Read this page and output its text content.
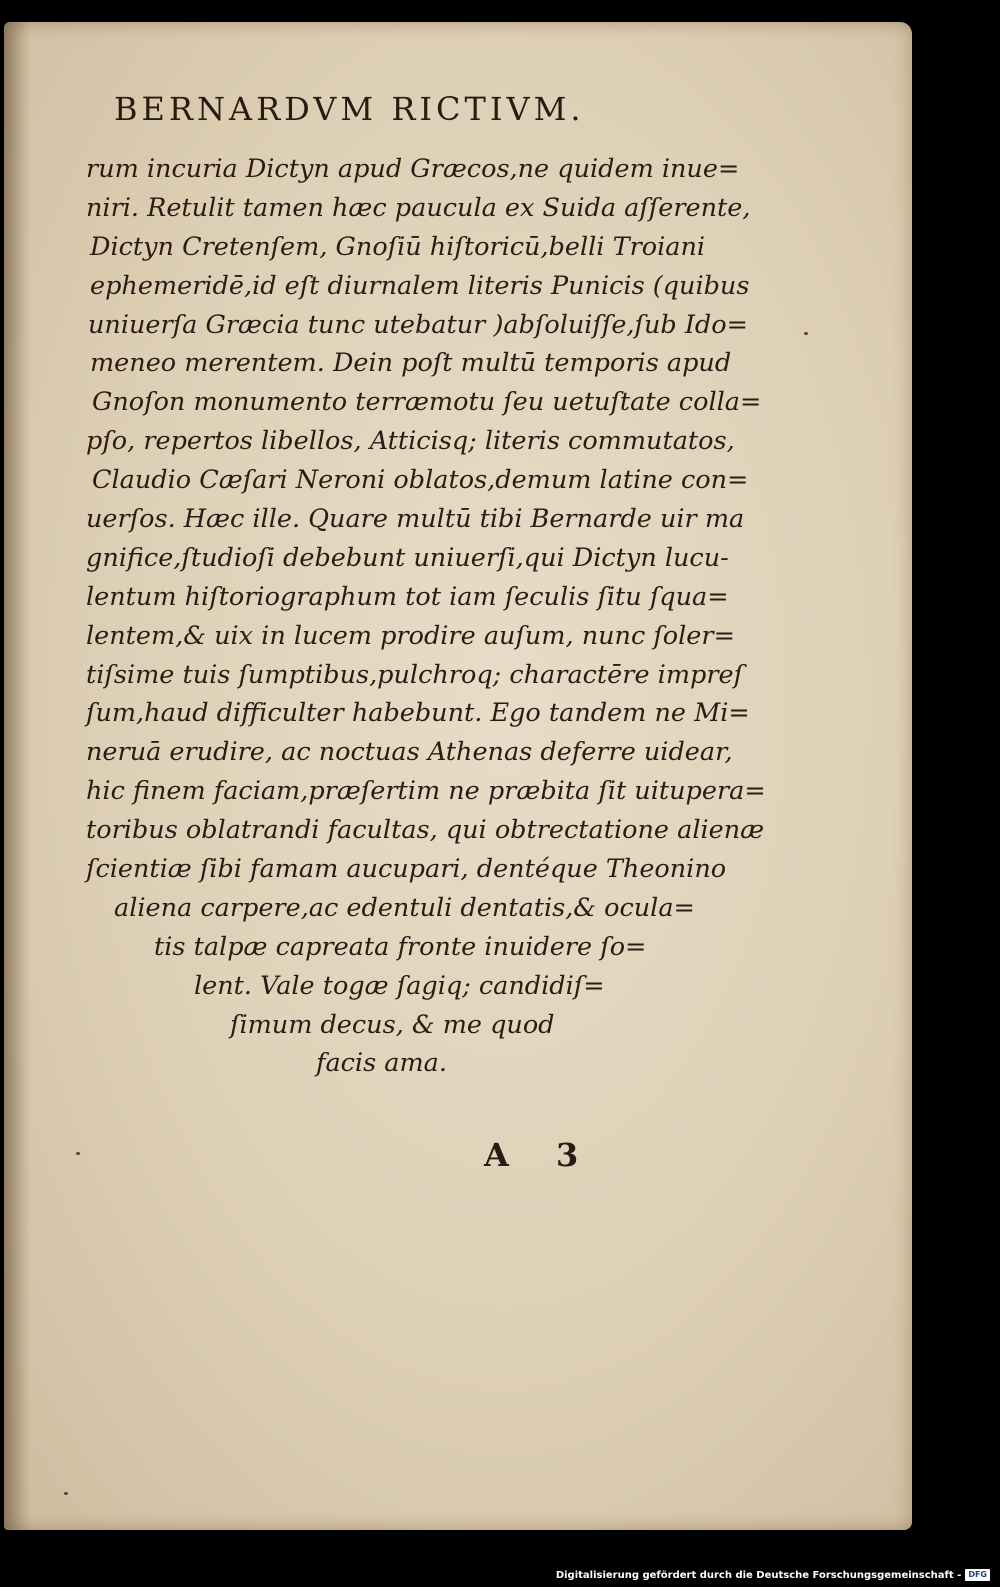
BERNARDVM RICTIVM.
rum incuria Dictyn apud Græcos,ne quidem inue=
niri. Retulit tamen hæc paucula ex Suida aſſerente,
Dictyn Cretenſem, Gnoſiū hiſtoricū,belli Troiani
ephemeridē,id eſt diurnalem literis Punicis (quibus
uniuerſa Græcia tunc utebatur )abſoluiſſe,ſub Ido=
meneo merentem. Dein poſt multū temporis apud
Gnoſon monumento terræmotu ſeu uetuſtate colla=
pſo, repertos libellos, Atticisq; literis commutatos,
Claudio Cæſari Neroni oblatos,demum latine con=
uerſos. Hæc ille. Quare multū tibi Bernarde uir ma
gnifice,ſtudioſi debebunt uniuerſi,qui Dictyn lucu-
lentum hiſtoriographum tot iam ſeculis ſitu ſqua=
lentem,& uix in lucem prodire auſum, nunc ſoler=
tiſsime tuis ſumptibus,pulchroq; charactēre impreſ
ſum,haud difficulter habebunt. Ego tandem ne Mi=
neruā erudire, ac noctuas Athenas deferre uidear,
hic finem faciam,præſertim ne præbita ſit uitupera=
toribus oblatrandi facultas, qui obtrectatione alienæ
ſcientiæ ſibi famam aucupari, dentéque Theonino
aliena carpere,ac edentuli dentatis,& ocula=
tis talpæ capreata fronte inuidere ſo=
lent. Vale togæ ſagiq; candidiſ=
ſimum decus, & me quod
facis ama.
A 3
Digitalisierung gefördert durch die Deutsche Forschungsgemeinschaft - DFG
